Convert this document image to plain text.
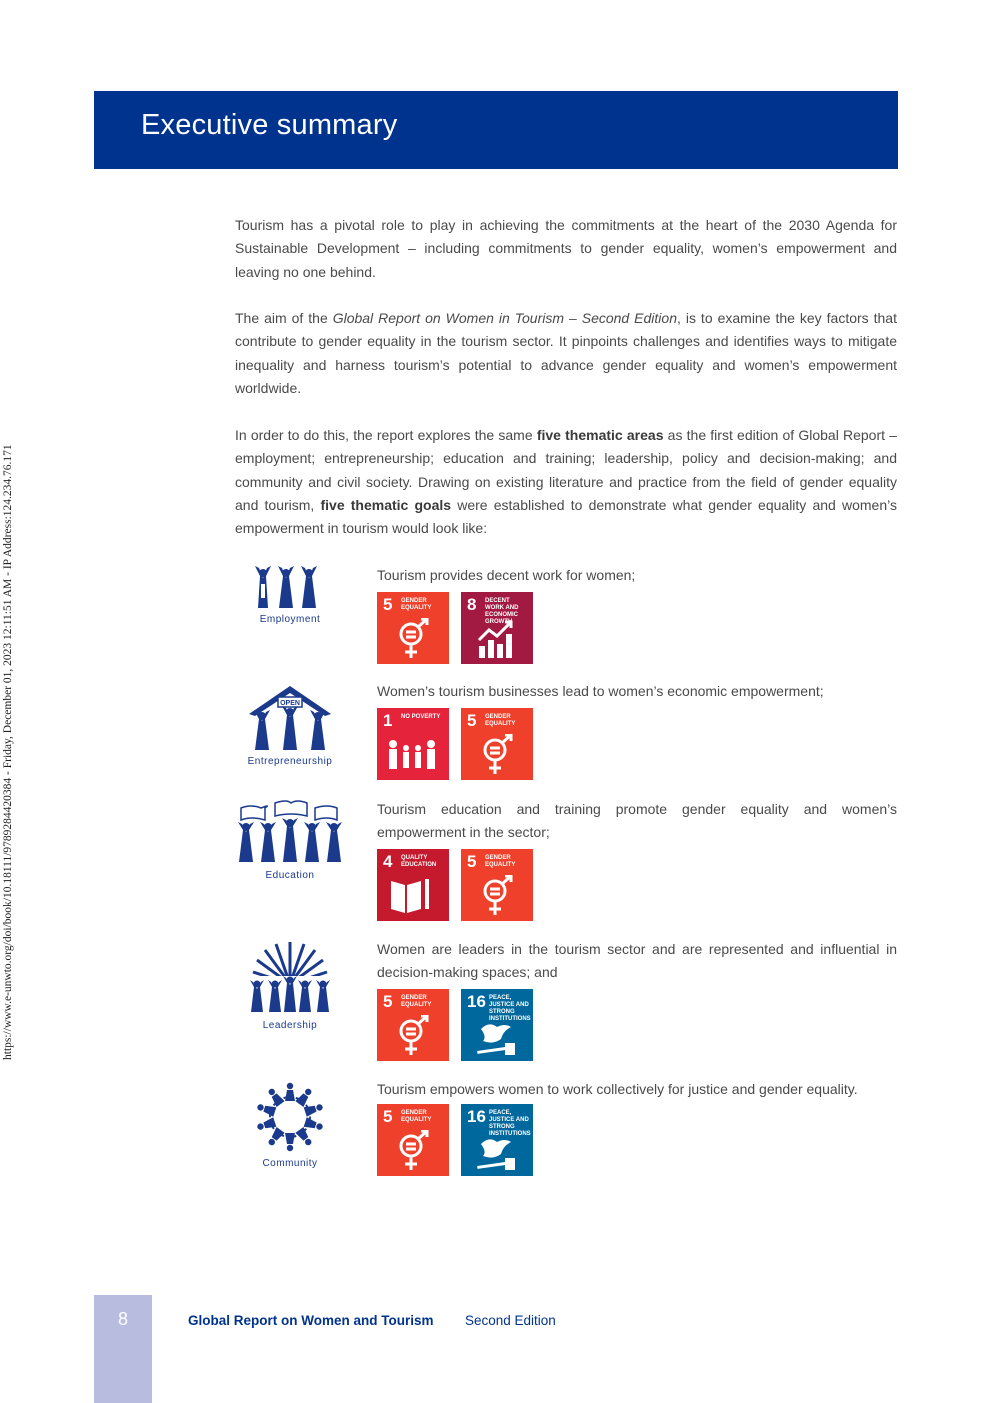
Executive summary
https://www.e-unwto.org/doi/book/10.18111/9789284420384 - Friday, December 01, 2023 12:11:51 AM - IP Address:124.234.76.171

Tourism has a pivotal role to play in achieving the commitments at the heart of the 2030 Agenda for Sustainable Development – including commitments to gender equality, women’s empowerment and leaving no one behind.

The aim of the Global Report on Women in Tourism – Second Edition, is to examine the key factors that contribute to gender equality in the tourism sector. It pinpoints challenges and identifies ways to mitigate inequality and harness tourism’s potential to advance gender equality and women’s empowerment worldwide.

In order to do this, the report explores the same five thematic areas as the first edition of Global Report – employment; entrepreneurship; education and training; leadership, policy and decision-making; and community and civil society. Drawing on existing literature and practice from the field of gender equality and tourism, five thematic goals were established to demonstrate what gender equality and women’s empowerment in tourism would look like:

Employment

Tourism provides decent work for women;

5 GENDER EQUALITY	8 DECENT WORK AND ECONOMIC GROWTH
OPEN
Entrepreneurship

Women’s tourism businesses lead to women’s economic empowerment;

1 NO POVERTY 5 GENDER EQUALITY
Education

Tourism education and training promote gender equality and women’s empowerment in the sector;

4 QUALITY EDUCATION	5 GENDER EQUALITY
Leadership

Women are leaders in the tourism sector and are represented and influential in decision-making spaces; and

5 GENDER EQUALITY	16 PEACE, JUSTICE AND STRONG INSTITUTIONS
Community

Tourism empowers women to work collectively for justice and gender equality.

5 GENDER EQUALITY	16 PEACE, JUSTICE AND STRONG INSTITUTIONS
8	Global Report on Women and Tourism Second Edition
